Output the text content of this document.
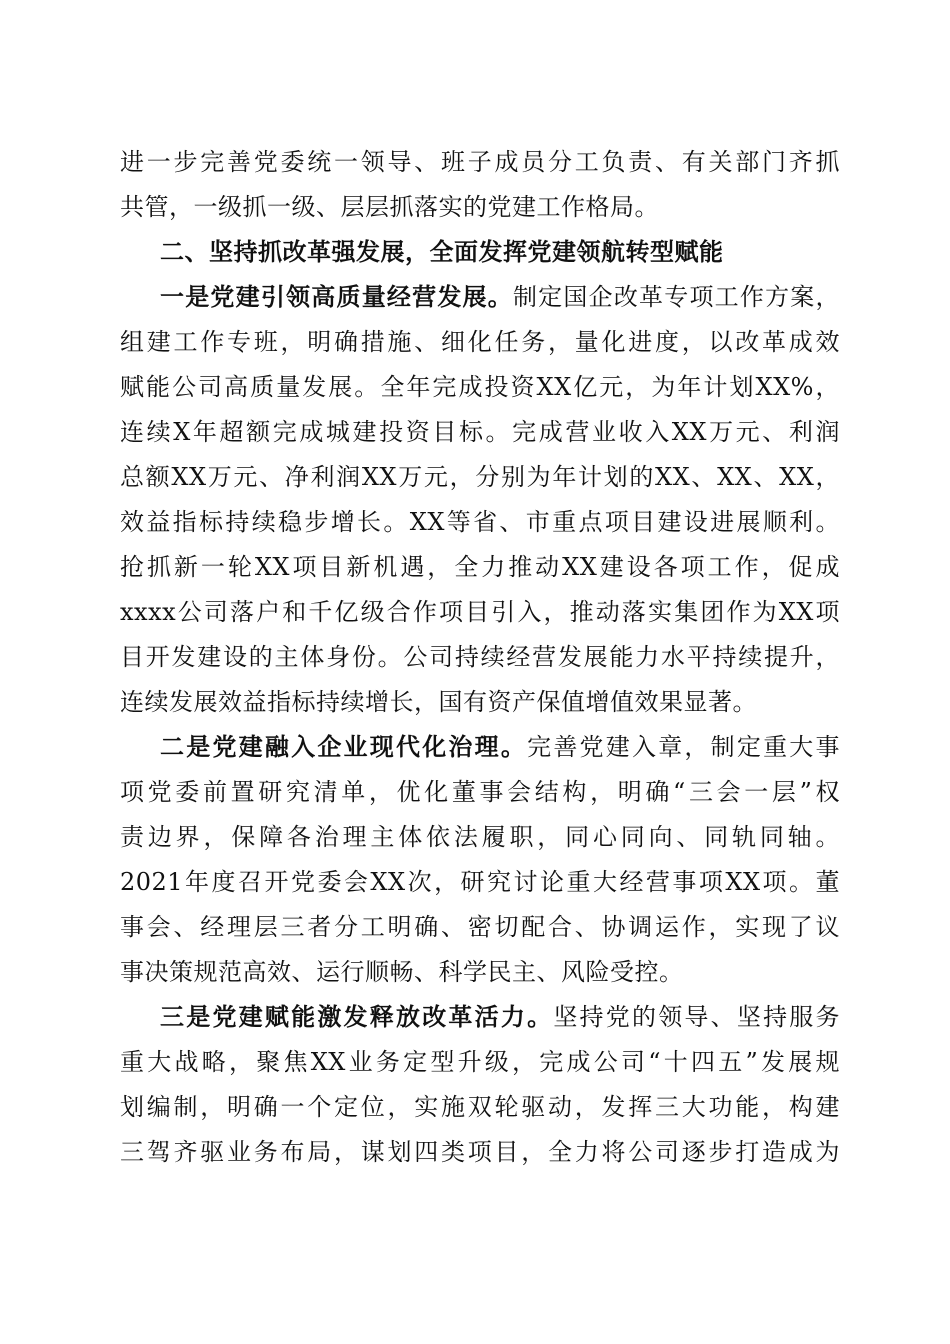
进一步完善党委统一领导、班子成员分工负责、有关部门齐抓
共管，一级抓一级、层层抓落实的党建工作格局。
二、坚持抓改革强发展，全面发挥党建领航转型赋能
一是党建引领高质量经营发展。制定国企改革专项工作方案，
组建工作专班，明确措施、细化任务，量化进度，以改革成效
赋能公司高质量发展。全年完成投资XX亿元，为年计划XX%，
连续X年超额完成城建投资目标。完成营业收入XX万元、利润
总额XX万元、净利润XX万元，分别为年计划的XX、XX、XX，
效益指标持续稳步增长。XX等省、市重点项目建设进展顺利。
抢抓新一轮XX项目新机遇，全力推动XX建设各项工作，促成
xxxx公司落户和千亿级合作项目引入，推动落实集团作为XX项
目开发建设的主体身份。公司持续经营发展能力水平持续提升，
连续发展效益指标持续增长，国有资产保值增值效果显著。
二是党建融入企业现代化治理。完善党建入章，制定重大事
项党委前置研究清单，优化董事会结构，明确“三会一层”权
责边界，保障各治理主体依法履职，同心同向、同轨同轴。
2021年度召开党委会XX次，研究讨论重大经营事项XX项。董
事会、经理层三者分工明确、密切配合、协调运作，实现了议
事决策规范高效、运行顺畅、科学民主、风险受控。
三是党建赋能激发释放改革活力。坚持党的领导、坚持服务
重大战略，聚焦XX业务定型升级，完成公司“十四五”发展规
划编制，明确一个定位，实施双轮驱动，发挥三大功能，构建
三驾齐驱业务布局，谋划四类项目，全力将公司逐步打造成为
